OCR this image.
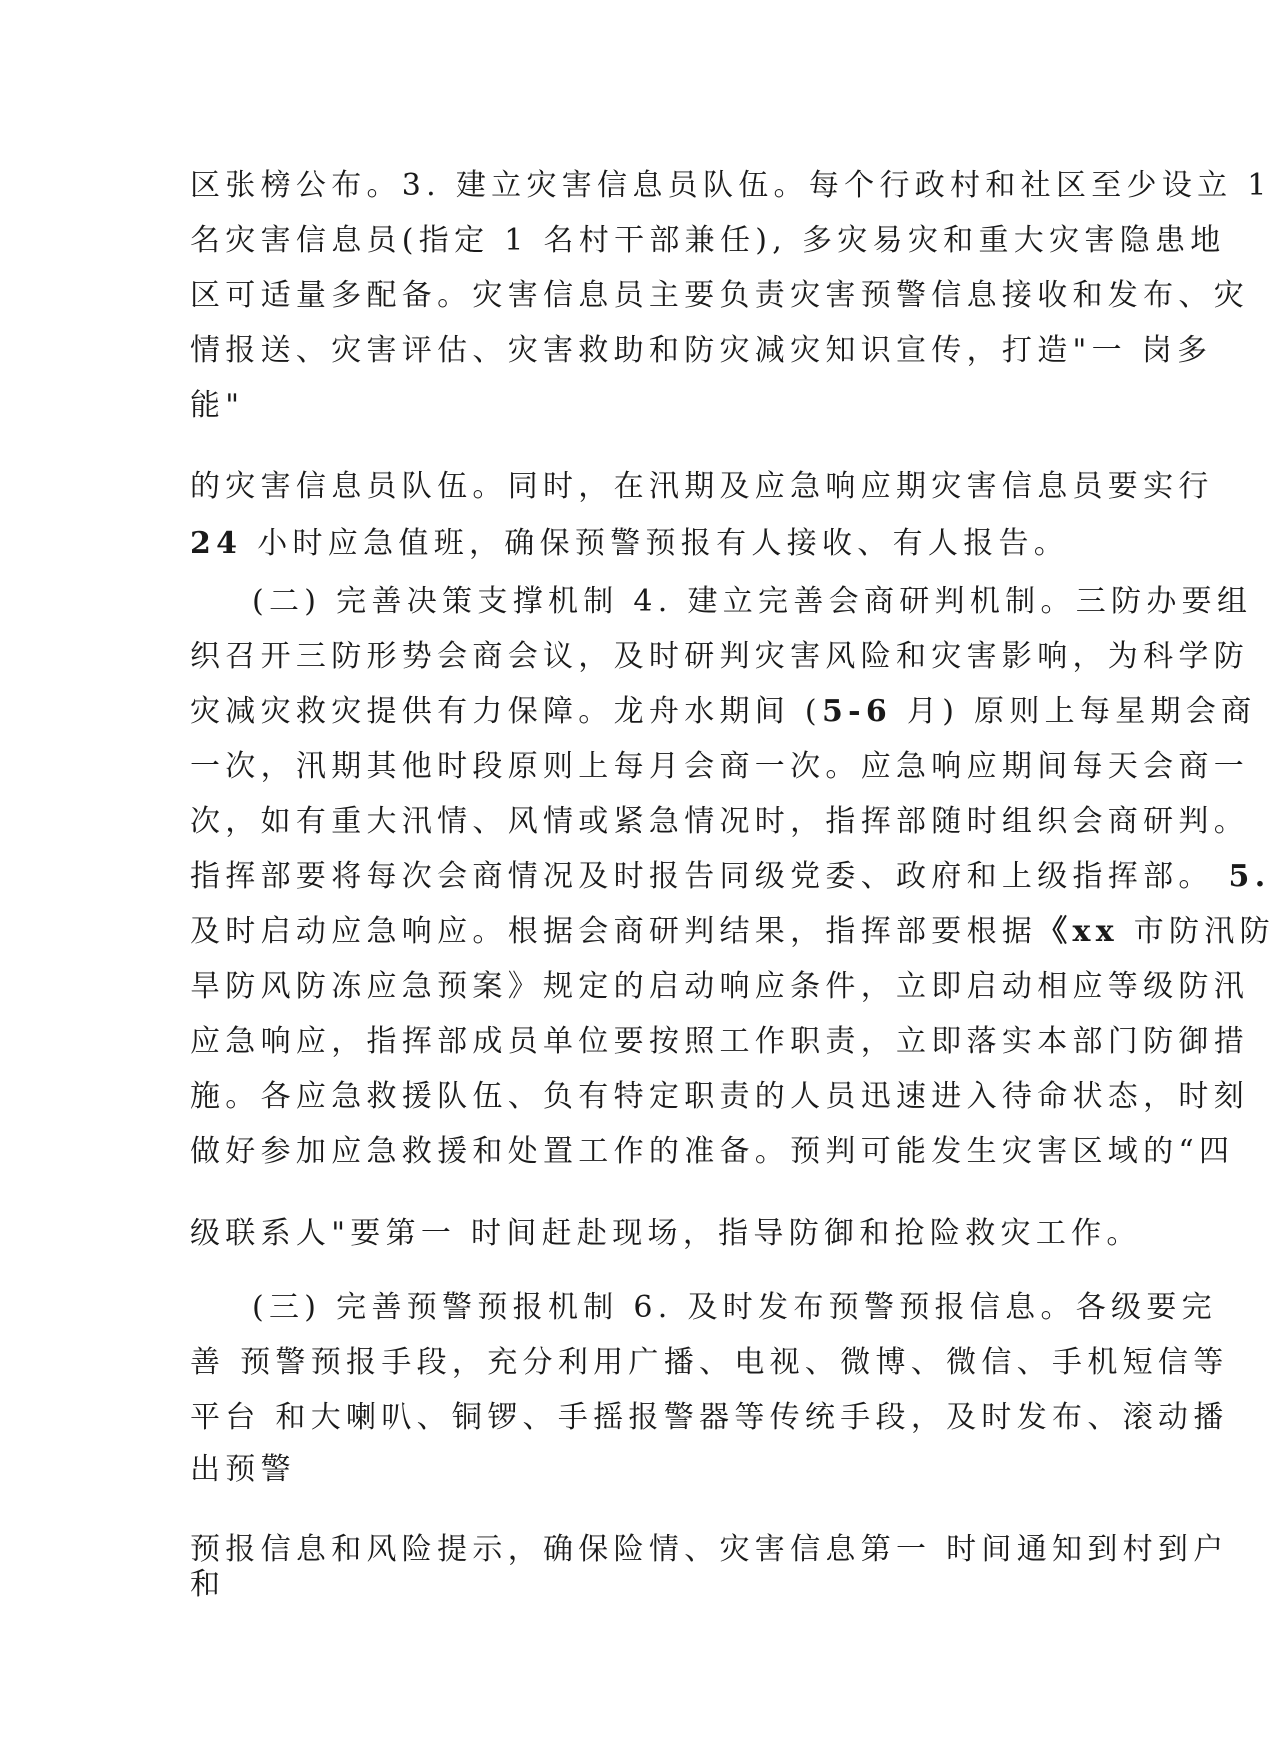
区张榜公布。3. 建立灾害信息员队伍。每个行政村和社区至少设立 1
名灾害信息员(指定 1 名村干部兼任), 多灾易灾和重大灾害隐患地
区可适量多配备。灾害信息员主要负责灾害预警信息接收和发布、灾
情报送、灾害评估、灾害救助和防灾减灾知识宣传，打造"一 岗多
能"
的灾害信息员队伍。同时，在汛期及应急响应期灾害信息员要实行
24 小时应急值班，确保预警预报有人接收、有人报告。
(二) 完善决策支撑机制 4. 建立完善会商研判机制。三防办要组
织召开三防形势会商会议，及时研判灾害风险和灾害影响，为科学防
灾减灾救灾提供有力保障。龙舟水期间 (5-6 月) 原则上每星期会商
一次，汛期其他时段原则上每月会商一次。应急响应期间每天会商一
次，如有重大汛情、风情或紧急情况时，指挥部随时组织会商研判。
指挥部要将每次会商情况及时报告同级党委、政府和上级指挥部。 5.
及时启动应急响应。根据会商研判结果，指挥部要根据《xx 市防汛防
旱防风防冻应急预案》规定的启动响应条件，立即启动相应等级防汛
应急响应，指挥部成员单位要按照工作职责，立即落实本部门防御措
施。各应急救援队伍、负有特定职责的人员迅速进入待命状态，时刻
做好参加应急救援和处置工作的准备。预判可能发生灾害区域的“四
级联系人"要第一 时间赶赴现场，指导防御和抢险救灾工作。
(三) 完善预警预报机制 6. 及时发布预警预报信息。各级要完
善 预警预报手段，充分利用广播、电视、微博、微信、手机短信等
平台 和大喇叭、铜锣、手摇报警器等传统手段，及时发布、滚动播
出预警
预报信息和风险提示，确保险情、灾害信息第一 时间通知到村到户
和
